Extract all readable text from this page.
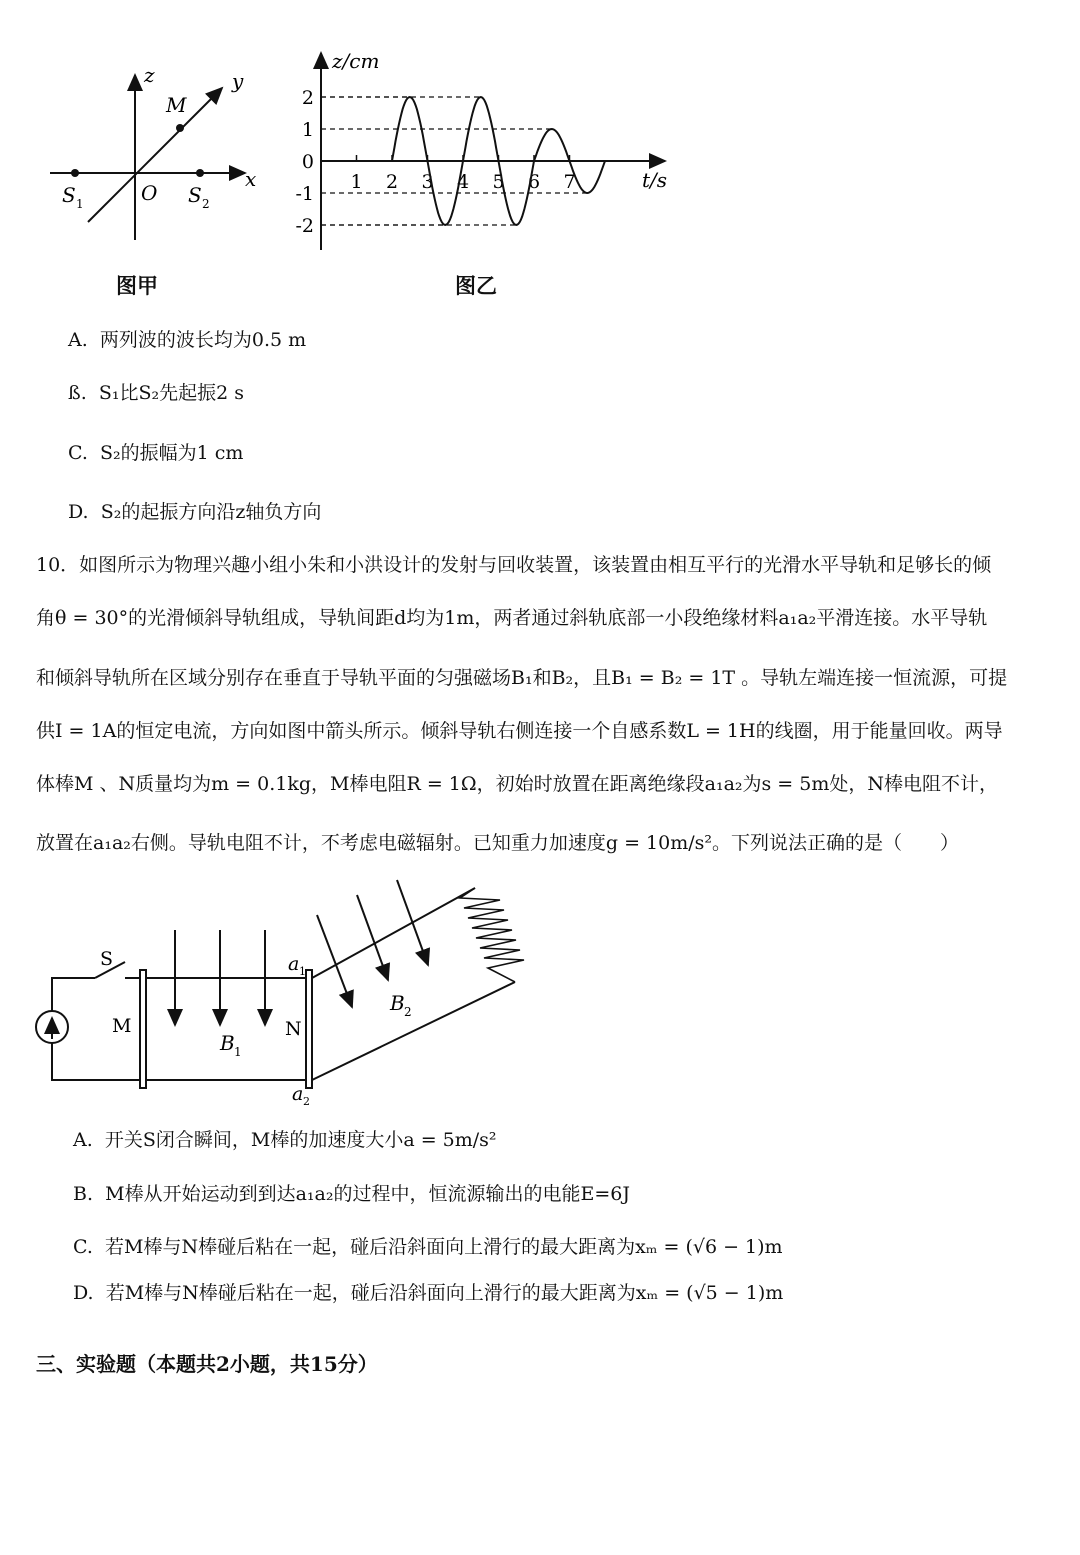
z	y
x
M
O
S 1	S 2
图甲
z/cm
t/s
1 2 3 4 5 6 7
2
1
0
-1
-2
图乙
A. 两列波的波长均为0.5 m
ß. S₁比S₂先起振2 s
C. S₂的振幅为1 cm
D. S₂的起振方向沿z轴负方向
10．如图所示为物理兴趣小组小朱和小洪设计的发射与回收装置，该装置由相互平行的光滑水平导轨和足够长的倾
角θ = 30°的光滑倾斜导轨组成，导轨间距d均为1m，两者通过斜轨底部一小段绝缘材料a₁a₂平滑连接。水平导轨
和倾斜导轨所在区域分别存在垂直于导轨平面的匀强磁场B₁和B₂，且B₁ = B₂ = 1T 。导轨左端连接一恒流源，可提
供I = 1A的恒定电流，方向如图中箭头所示。倾斜导轨右侧连接一个自感系数L = 1H的线圈，用于能量回收。两导
体棒M 、N质量均为m = 0.1kg，M棒电阻R = 1Ω，初始时放置在距离绝缘段a₁a₂为s = 5m处，N棒电阻不计，
放置在a₁a₂右侧。导轨电阻不计，不考虑电磁辐射。已知重力加速度g = 10m/s²。下列说法正确的是（　　）
S
M	N
B 1
a 1
a 2
B 2
A. 开关S闭合瞬间，M棒的加速度大小a = 5m/s²
B. M棒从开始运动到到达a₁a₂的过程中，恒流源输出的电能E=6J
C. 若M棒与N棒碰后粘在一起，碰后沿斜面向上滑行的最大距离为xₘ = (√6 − 1)m
D. 若M棒与N棒碰后粘在一起，碰后沿斜面向上滑行的最大距离为xₘ = (√5 − 1)m
三、实验题（本题共2小题，共15分）
